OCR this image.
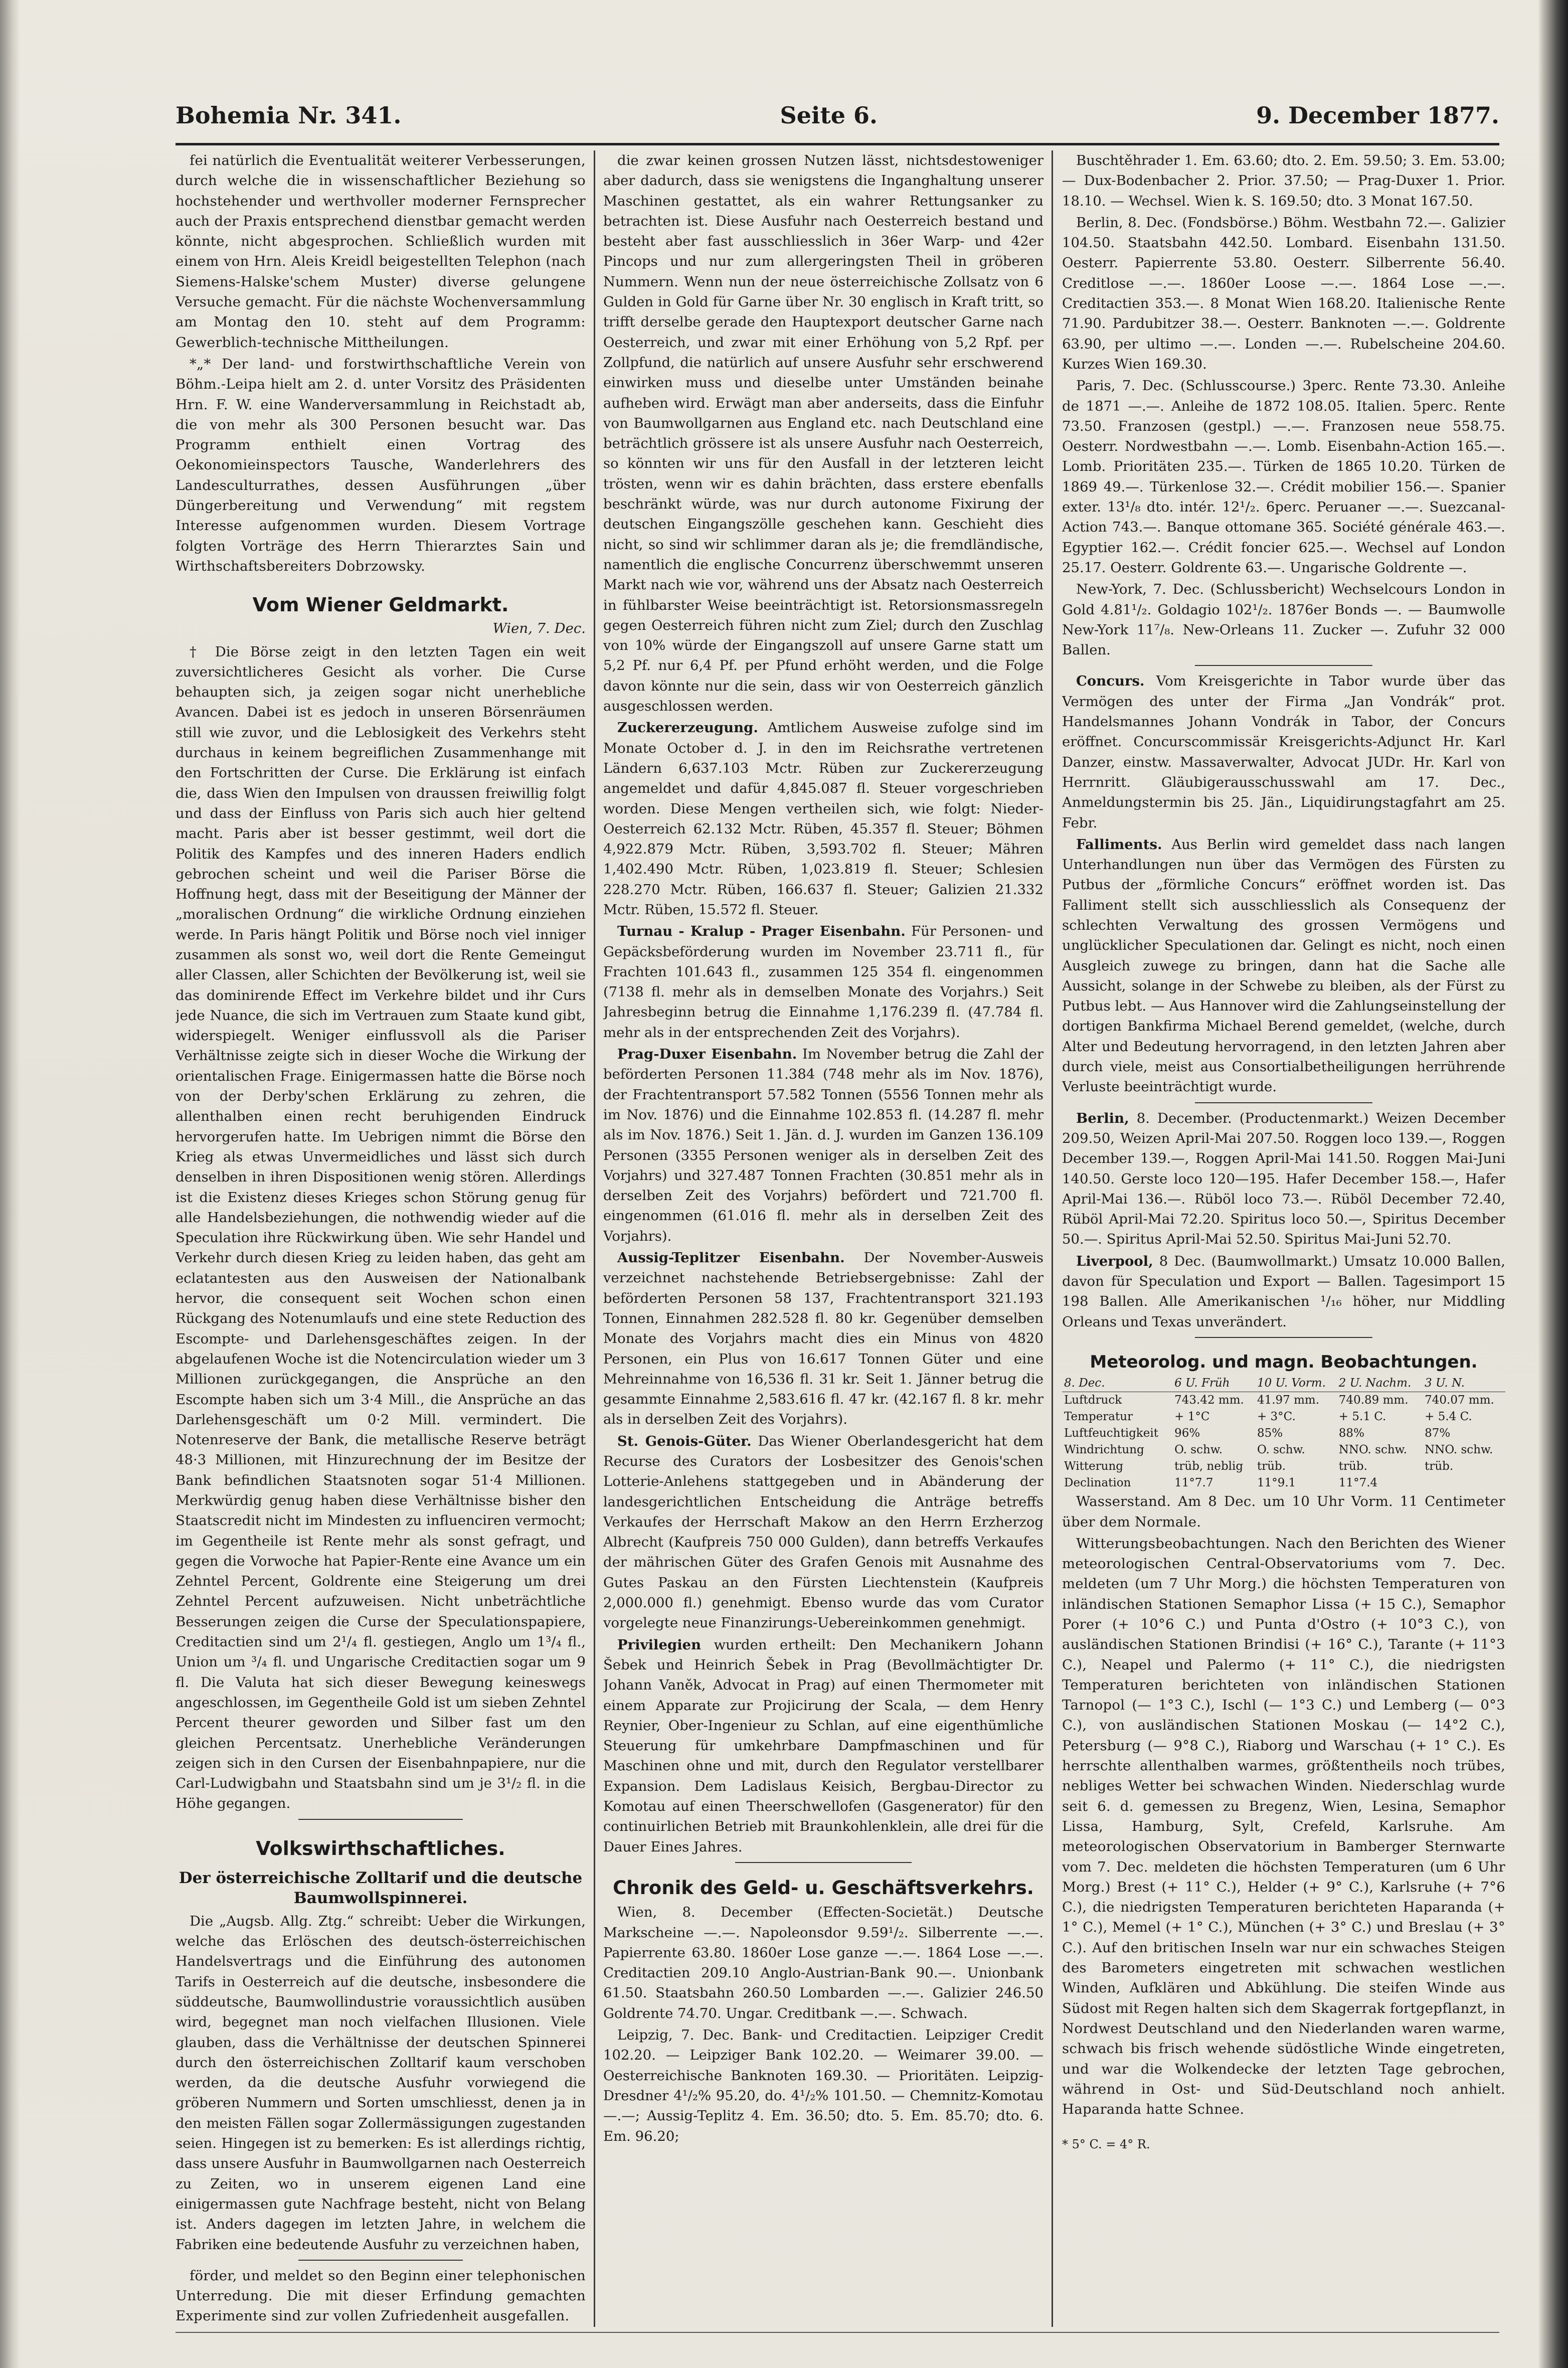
Bohemia Nr. 341.	Seite 6.	9. December 1877.

fei natürlich die Eventualität weiterer Verbesserungen, durch welche die in wissenschaftlicher Beziehung so hochstehender und werthvoller moderner Fernsprecher auch der Praxis entsprechend dienstbar gemacht werden könnte, nicht abgesprochen. Schließlich wurden mit einem von Hrn. Aleis Kreidl beigestellten Telephon (nach Siemens-Halske'schem Muster) diverse gelungene Versuche gemacht. Für die nächste Wochenversammlung am Montag den 10. steht auf dem Programm: Gewerblich-technische Mittheilungen.

*„* Der land- und forstwirthschaftliche Verein von Böhm.-Leipa hielt am 2. d. unter Vorsitz des Präsidenten Hrn. F. W. eine Wanderversammlung in Reichstadt ab, die von mehr als 300 Personen besucht war. Das Programm enthielt einen Vortrag des Oekonomieinspectors Tausche, Wanderlehrers des Landesculturrathes, dessen Ausführungen „über Düngerbereitung und Verwendung“ mit regstem Interesse aufgenommen wurden. Diesem Vortrage folgten Vorträge des Herrn Thierarztes Sain und Wirthschaftsbereiters Dobrzowsky.

Vom Wiener Geldmarkt.
Wien, 7. Dec.

† Die Börse zeigt in den letzten Tagen ein weit zuversichtlicheres Gesicht als vorher. Die Curse behaupten sich, ja zeigen sogar nicht unerhebliche Avancen. Dabei ist es jedoch in unseren Börsenräumen still wie zuvor, und die Leblosigkeit des Verkehrs steht durchaus in keinem begreiflichen Zusammenhange mit den Fortschritten der Curse. Die Erklärung ist einfach die, dass Wien den Impulsen von draussen freiwillig folgt und dass der Einfluss von Paris sich auch hier geltend macht. Paris aber ist besser gestimmt, weil dort die Politik des Kampfes und des inneren Haders endlich gebrochen scheint und weil die Pariser Börse die Hoffnung hegt, dass mit der Beseitigung der Männer der „moralischen Ordnung“ die wirkliche Ordnung einziehen werde. In Paris hängt Politik und Börse noch viel inniger zusammen als sonst wo, weil dort die Rente Gemeingut aller Classen, aller Schichten der Bevölkerung ist, weil sie das dominirende Effect im Verkehre bildet und ihr Curs jede Nuance, die sich im Vertrauen zum Staate kund gibt, widerspiegelt. Weniger einflussvoll als die Pariser Verhältnisse zeigte sich in dieser Woche die Wirkung der orientalischen Frage. Einigermassen hatte die Börse noch von der Derby'schen Erklärung zu zehren, die allenthalben einen recht beruhigenden Eindruck hervorgerufen hatte. Im Uebrigen nimmt die Börse den Krieg als etwas Unvermeidliches und lässt sich durch denselben in ihren Dispositionen wenig stören. Allerdings ist die Existenz dieses Krieges schon Störung genug für alle Handelsbeziehungen, die nothwendig wieder auf die Speculation ihre Rückwirkung üben. Wie sehr Handel und Verkehr durch diesen Krieg zu leiden haben, das geht am eclatantesten aus den Ausweisen der Nationalbank hervor, die consequent seit Wochen schon einen Rückgang des Notenumlaufs und eine stete Reduction des Escompte- und Darlehensgeschäftes zeigen. In der abgelaufenen Woche ist die Notencirculation wieder um 3 Millionen zurückgegangen, die Ansprüche an den Escompte haben sich um 3·4 Mill., die Ansprüche an das Darlehensgeschäft um 0·2 Mill. vermindert. Die Notenreserve der Bank, die metallische Reserve beträgt 48·3 Millionen, mit Hinzurechnung der im Besitze der Bank befindlichen Staatsnoten sogar 51·4 Millionen. Merkwürdig genug haben diese Verhältnisse bisher den Staatscredit nicht im Mindesten zu influenciren vermocht; im Gegentheile ist Rente mehr als sonst gefragt, und gegen die Vorwoche hat Papier-Rente eine Avance um ein Zehntel Percent, Goldrente eine Steigerung um drei Zehntel Percent aufzuweisen. Nicht unbeträchtliche Besserungen zeigen die Curse der Speculationspapiere, Creditactien sind um 2¹/₄ fl. gestiegen, Anglo um 1³/₄ fl., Union um ³/₄ fl. und Ungarische Creditactien sogar um 9 fl. Die Valuta hat sich dieser Bewegung keineswegs angeschlossen, im Gegentheile Gold ist um sieben Zehntel Percent theurer geworden und Silber fast um den gleichen Percentsatz. Unerhebliche Veränderungen zeigen sich in den Cursen der Eisenbahnpapiere, nur die Carl-Ludwigbahn und Staatsbahn sind um je 3¹/₂ fl. in die Höhe gegangen.

Volkswirthschaftliches.
Der österreichische Zolltarif und die deutsche Baumwollspinnerei.

Die „Augsb. Allg. Ztg.“ schreibt: Ueber die Wirkungen, welche das Erlöschen des deutsch-österreichischen Handelsvertrags und die Einführung des autonomen Tarifs in Oesterreich auf die deutsche, insbesondere die süddeutsche, Baumwollindustrie voraussichtlich ausüben wird, begegnet man noch vielfachen Illusionen. Viele glauben, dass die Verhältnisse der deutschen Spinnerei durch den österreichischen Zolltarif kaum verschoben werden, da die deutsche Ausfuhr vorwiegend die gröberen Nummern und Sorten umschliesst, denen ja in den meisten Fällen sogar Zollermässigungen zugestanden seien. Hingegen ist zu bemerken: Es ist allerdings richtig, dass unsere Ausfuhr in Baumwollgarnen nach Oesterreich zu Zeiten, wo in unserem eigenen Land eine einigermassen gute Nachfrage besteht, nicht von Belang ist. Anders dagegen im letzten Jahre, in welchem die Fabriken eine bedeutende Ausfuhr zu verzeichnen haben,

förder, und meldet so den Beginn einer telephonischen Unterredung. Die mit dieser Erfindung gemachten Experimente sind zur vollen Zufriedenheit ausgefallen.

die zwar keinen grossen Nutzen lässt, nichtsdestoweniger aber dadurch, dass sie wenigstens die Inganghaltung unserer Maschinen gestattet, als ein wahrer Rettungsanker zu betrachten ist. Diese Ausfuhr nach Oesterreich bestand und besteht aber fast ausschliesslich in 36er Warp- und 42er Pincops und nur zum allergeringsten Theil in gröberen Nummern. Wenn nun der neue österreichische Zollsatz von 6 Gulden in Gold für Garne über Nr. 30 englisch in Kraft tritt, so trifft derselbe gerade den Hauptexport deutscher Garne nach Oesterreich, und zwar mit einer Erhöhung von 5,2 Rpf. per Zollpfund, die natürlich auf unsere Ausfuhr sehr erschwerend einwirken muss und dieselbe unter Umständen beinahe aufheben wird. Erwägt man aber anderseits, dass die Einfuhr von Baumwollgarnen aus England etc. nach Deutschland eine beträchtlich grössere ist als unsere Ausfuhr nach Oesterreich, so könnten wir uns für den Ausfall in der letzteren leicht trösten, wenn wir es dahin brächten, dass erstere ebenfalls beschränkt würde, was nur durch autonome Fixirung der deutschen Eingangszölle geschehen kann. Geschieht dies nicht, so sind wir schlimmer daran als je; die fremdländische, namentlich die englische Concurrenz überschwemmt unseren Markt nach wie vor, während uns der Absatz nach Oesterreich in fühlbarster Weise beeinträchtigt ist. Retorsionsmassregeln gegen Oesterreich führen nicht zum Ziel; durch den Zuschlag von 10% würde der Eingangszoll auf unsere Garne statt um 5,2 Pf. nur 6,4 Pf. per Pfund erhöht werden, und die Folge davon könnte nur die sein, dass wir von Oesterreich gänzlich ausgeschlossen werden.

Zuckererzeugung. Amtlichem Ausweise zufolge sind im Monate October d. J. in den im Reichsrathe vertretenen Ländern 6,637.103 Mctr. Rüben zur Zuckererzeugung angemeldet und dafür 4,845.087 fl. Steuer vorgeschrieben worden. Diese Mengen vertheilen sich, wie folgt: Nieder-Oesterreich 62.132 Mctr. Rüben, 45.357 fl. Steuer; Böhmen 4,922.879 Mctr. Rüben, 3,593.702 fl. Steuer; Mähren 1,402.490 Mctr. Rüben, 1,023.819 fl. Steuer; Schlesien 228.270 Mctr. Rüben, 166.637 fl. Steuer; Galizien 21.332 Mctr. Rüben, 15.572 fl. Steuer.

Turnau - Kralup - Prager Eisenbahn. Für Personen- und Gepäcksbeförderung wurden im November 23.711 fl., für Frachten 101.643 fl., zusammen 125 354 fl. eingenommen (7138 fl. mehr als in demselben Monate des Vorjahrs.) Seit Jahresbeginn betrug die Einnahme 1,176.239 fl. (47.784 fl. mehr als in der entsprechenden Zeit des Vorjahrs).

Prag-Duxer Eisenbahn. Im November betrug die Zahl der beförderten Personen 11.384 (748 mehr als im Nov. 1876), der Frachtentransport 57.582 Tonnen (5556 Tonnen mehr als im Nov. 1876) und die Einnahme 102.853 fl. (14.287 fl. mehr als im Nov. 1876.) Seit 1. Jän. d. J. wurden im Ganzen 136.109 Personen (3355 Personen weniger als in derselben Zeit des Vorjahrs) und 327.487 Tonnen Frachten (30.851 mehr als in derselben Zeit des Vorjahrs) befördert und 721.700 fl. eingenommen (61.016 fl. mehr als in derselben Zeit des Vorjahrs).

Aussig-Teplitzer Eisenbahn. Der November-Ausweis verzeichnet nachstehende Betriebsergebnisse: Zahl der beförderten Personen 58 137, Frachtentransport 321.193 Tonnen, Einnahmen 282.528 fl. 80 kr. Gegenüber demselben Monate des Vorjahrs macht dies ein Minus von 4820 Personen, ein Plus von 16.617 Tonnen Güter und eine Mehreinnahme von 16,536 fl. 31 kr. Seit 1. Jänner betrug die gesammte Einnahme 2,583.616 fl. 47 kr. (42.167 fl. 8 kr. mehr als in derselben Zeit des Vorjahrs).

St. Genois-Güter. Das Wiener Oberlandesgericht hat dem Recurse des Curators der Losbesitzer des Genois'schen Lotterie-Anlehens stattgegeben und in Abänderung der landesgerichtlichen Entscheidung die Anträge betreffs Verkaufes der Herrschaft Makow an den Herrn Erzherzog Albrecht (Kaufpreis 750 000 Gulden), dann betreffs Verkaufes der mährischen Güter des Grafen Genois mit Ausnahme des Gutes Paskau an den Fürsten Liechtenstein (Kaufpreis 2,000.000 fl.) genehmigt. Ebenso wurde das vom Curator vorgelegte neue Finanzirungs-Uebereinkommen genehmigt.

Privilegien wurden ertheilt: Den Mechanikern Johann Šebek und Heinrich Šebek in Prag (Bevollmächtigter Dr. Johann Vaněk, Advocat in Prag) auf einen Thermometer mit einem Apparate zur Projicirung der Scala, — dem Henry Reynier, Ober-Ingenieur zu Schlan, auf eine eigenthümliche Steuerung für umkehrbare Dampfmaschinen und für Maschinen ohne und mit, durch den Regulator verstellbarer Expansion. Dem Ladislaus Keisich, Bergbau-Director zu Komotau auf einen Theerschwellofen (Gasgenerator) für den continuirlichen Betrieb mit Braunkohlenklein, alle drei für die Dauer Eines Jahres.

Chronik des Geld- u. Geschäftsverkehrs.

Wien, 8. December (Effecten-Societät.) Deutsche Markscheine —.—. Napoleonsdor 9.59¹/₂. Silberrente —.—. Papierrente 63.80. 1860er Lose ganze —.—. 1864 Lose —.—. Creditactien 209.10 Anglo-Austrian-Bank 90.—. Unionbank 61.50. Staatsbahn 260.50 Lombarden —.—. Galizier 246.50 Goldrente 74.70. Ungar. Creditbank —.—. Schwach.

Leipzig, 7. Dec. Bank- und Creditactien. Leipziger Credit 102.20. — Leipziger Bank 102.20. — Weimarer 39.00. — Oesterreichische Banknoten 169.30. — Prioritäten. Leipzig-Dresdner 4¹/₂% 95.20, do. 4¹/₂% 101.50. — Chemnitz-Komotau —.—; Aussig-Teplitz 4. Em. 36.50; dto. 5. Em. 85.70; dto. 6. Em. 96.20;

Buschtěhrader 1. Em. 63.60; dto. 2. Em. 59.50; 3. Em. 53.00; — Dux-Bodenbacher 2. Prior. 37.50; — Prag-Duxer 1. Prior. 18.10. — Wechsel. Wien k. S. 169.50; dto. 3 Monat 167.50.

Berlin, 8. Dec. (Fondsbörse.) Böhm. Westbahn 72.—. Galizier 104.50. Staatsbahn 442.50. Lombard. Eisenbahn 131.50. Oesterr. Papierrente 53.80. Oesterr. Silberrente 56.40. Creditlose —.—. 1860er Loose —.—. 1864 Lose —.—. Creditactien 353.—. 8 Monat Wien 168.20. Italienische Rente 71.90. Pardubitzer 38.—. Oesterr. Banknoten —.—. Goldrente 63.90, per ultimo —.—. Londen —.—. Rubelscheine 204.60. Kurzes Wien 169.30.

Paris, 7. Dec. (Schlusscourse.) 3perc. Rente 73.30. Anleihe de 1871 —.—. Anleihe de 1872 108.05. Italien. 5perc. Rente 73.50. Franzosen (gestpl.) —.—. Franzosen neue 558.75. Oesterr. Nordwestbahn —.—. Lomb. Eisenbahn-Action 165.—. Lomb. Prioritäten 235.—. Türken de 1865 10.20. Türken de 1869 49.—. Türkenlose 32.—. Crédit mobilier 156.—. Spanier exter. 13¹/₈ dto. intér. 12¹/₂. 6perc. Peruaner —.—. Suezcanal-Action 743.—. Banque ottomane 365. Société générale 463.—. Egyptier 162.—. Crédit foncier 625.—. Wechsel auf London 25.17. Oesterr. Goldrente 63.—. Ungarische Goldrente —.

New-York, 7. Dec. (Schlussbericht) Wechselcours London in Gold 4.81¹/₂. Goldagio 102¹/₂. 1876er Bonds —. — Baumwolle New-York 11⁷/₈. New-Orleans 11. Zucker —. Zufuhr 32 000 Ballen.

Concurs. Vom Kreisgerichte in Tabor wurde über das Vermögen des unter der Firma „Jan Vondrák“ prot. Handelsmannes Johann Vondrák in Tabor, der Concurs eröffnet. Concurscommissär Kreisgerichts-Adjunct Hr. Karl Danzer, einstw. Massaverwalter, Advocat JUDr. Hr. Karl von Herrnritt. Gläubigerausschusswahl am 17. Dec., Anmeldungstermin bis 25. Jän., Liquidirungstagfahrt am 25. Febr.

Falliments. Aus Berlin wird gemeldet dass nach langen Unterhandlungen nun über das Vermögen des Fürsten zu Putbus der „förmliche Concurs“ eröffnet worden ist. Das Falliment stellt sich ausschliesslich als Consequenz der schlechten Verwaltung des grossen Vermögens und unglücklicher Speculationen dar. Gelingt es nicht, noch einen Ausgleich zuwege zu bringen, dann hat die Sache alle Aussicht, solange in der Schwebe zu bleiben, als der Fürst zu Putbus lebt. — Aus Hannover wird die Zahlungseinstellung der dortigen Bankfirma Michael Berend gemeldet, (welche, durch Alter und Bedeutung hervorragend, in den letzten Jahren aber durch viele, meist aus Consortialbetheiligungen herrührende Verluste beeinträchtigt wurde.

Berlin, 8. December. (Productenmarkt.) Weizen December 209.50, Weizen April-Mai 207.50. Roggen loco 139.—, Roggen December 139.—, Roggen April-Mai 141.50. Roggen Mai-Juni 140.50. Gerste loco 120—195. Hafer December 158.—, Hafer April-Mai 136.—. Rüböl loco 73.—. Rüböl December 72.40, Rüböl April-Mai 72.20. Spiritus loco 50.—, Spiritus December 50.—. Spiritus April-Mai 52.50. Spiritus Mai-Juni 52.70.

Liverpool, 8 Dec. (Baumwollmarkt.) Umsatz 10.000 Ballen, davon für Speculation und Export — Ballen. Tagesimport 15 198 Ballen. Alle Amerikanischen ¹/₁₆ höher, nur Middling Orleans und Texas unverändert.

Meteorolog. und magn. Beobachtungen.
8. Dec.	6 U. Früh	10 U. Vorm.	2 U. Nachm.	3 U. N.
Luftdruck	743.42 mm.	41.97 mm.	740.89 mm.	740.07 mm.
Temperatur	+ 1°C	+ 3°C.	+ 5.1 C.	+ 5.4 C.
Luftfeuchtigkeit	96%	85%	88%	87%
Windrichtung	O. schw.	O. schw.	NNO. schw.	NNO. schw.
Witterung	trüb, neblig	trüb.	trüb.	trüb.
Declination	11°7.7	11°9.1	11°7.4	

Wasserstand. Am 8 Dec. um 10 Uhr Vorm. 11 Centimeter über dem Normale.

Witterungsbeobachtungen. Nach den Berichten des Wiener meteorologischen Central-Observatoriums vom 7. Dec. meldeten (um 7 Uhr Morg.) die höchsten Temperaturen von inländischen Stationen Semaphor Lissa (+ 15 C.), Semaphor Porer (+ 10°6 C.) und Punta d'Ostro (+ 10°3 C.), von ausländischen Stationen Brindisi (+ 16° C.), Tarante (+ 11°3 C.), Neapel und Palermo (+ 11° C.), die niedrigsten Temperaturen berichteten von inländischen Stationen Tarnopol (— 1°3 C.), Ischl (— 1°3 C.) und Lemberg (— 0°3 C.), von ausländischen Stationen Moskau (— 14°2 C.), Petersburg (— 9°8 C.), Riaborg und Warschau (+ 1° C.). Es herrschte allenthalben warmes, größtentheils noch trübes, nebliges Wetter bei schwachen Winden. Niederschlag wurde seit 6. d. gemessen zu Bregenz, Wien, Lesina, Semaphor Lissa, Hamburg, Sylt, Crefeld, Karlsruhe. Am meteorologischen Observatorium in Bamberger Sternwarte vom 7. Dec. meldeten die höchsten Temperaturen (um 6 Uhr Morg.) Brest (+ 11° C.), Helder (+ 9° C.), Karlsruhe (+ 7°6 C.), die niedrigsten Temperaturen berichteten Haparanda (+ 1° C.), Memel (+ 1° C.), München (+ 3° C.) und Breslau (+ 3° C.). Auf den britischen Inseln war nur ein schwaches Steigen des Barometers eingetreten mit schwachen westlichen Winden, Aufklären und Abkühlung. Die steifen Winde aus Südost mit Regen halten sich dem Skagerrak fortgepflanzt, in Nordwest Deutschland und den Niederlanden waren warme, schwach bis frisch wehende südöstliche Winde eingetreten, und war die Wolkendecke der letzten Tage gebrochen, während in Ost- und Süd-Deutschland noch anhielt. Haparanda hatte Schnee.

* 5° C. = 4° R.
